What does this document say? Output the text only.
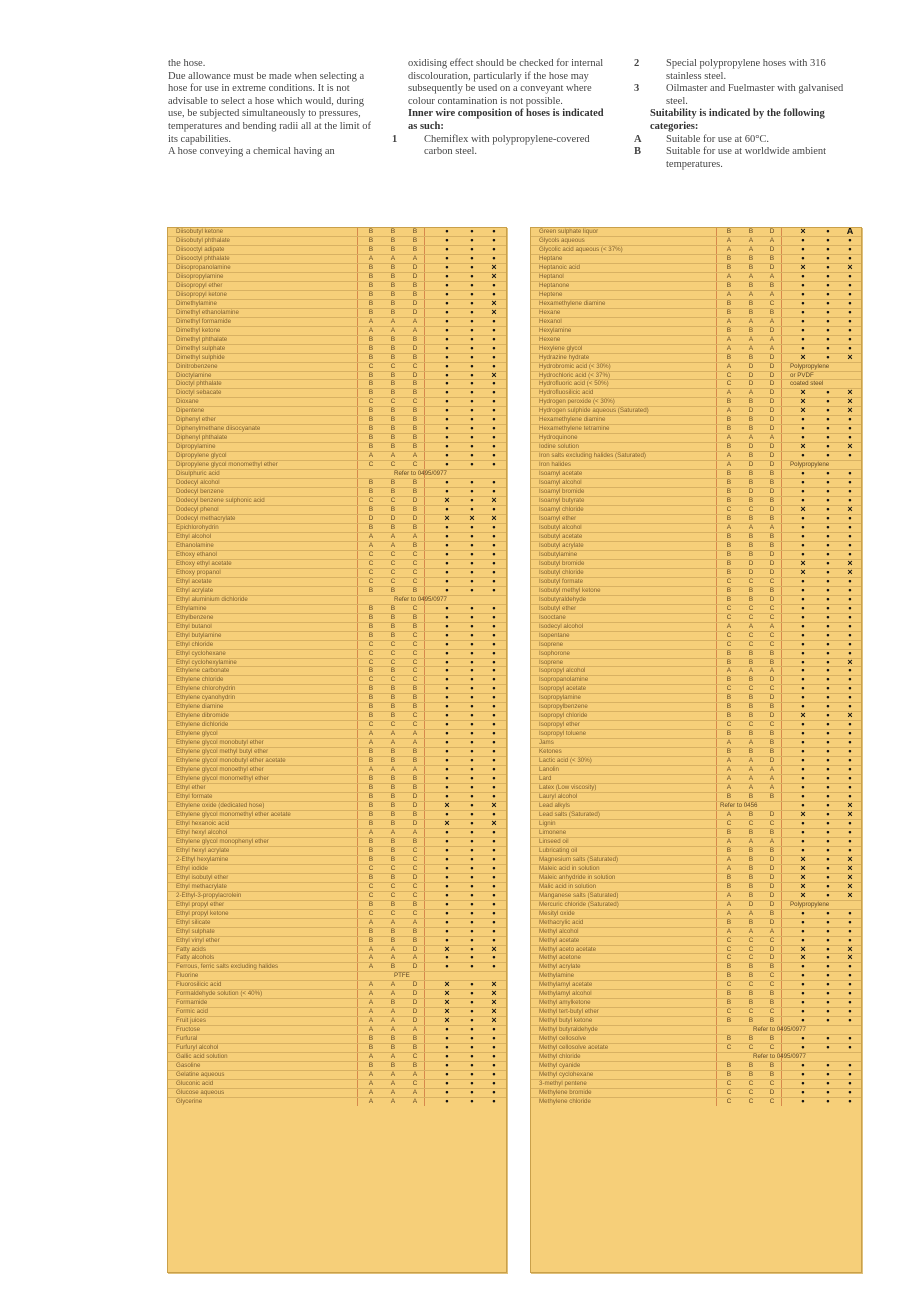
the hose.

Due allowance must be made when selecting a hose for use in extreme conditions. It is not advisable to select a hose which would, during use, be subjected simultaneously to pressures, temperatures and bending radii all at the limit of its capabilities.

A hose conveying a chemical having an

oxidising effect should be checked for internal discolouration, particularly if the hose may subsequently be used on a conveyant where colour contamination is not possible.

Inner wire composition of hoses is indicated as such:

1	Chemiflex with polypropylene-covered carbon steel.

2	Special polypropylene hoses with 316 stainless steel.

3	Oilmaster and Fuelmaster with galvanised steel.

Suitability is indicated by the following categories:

A Suitable for use at 60°C.

B Suitable for use at worldwide ambient temperatures.

Diisobutyl ketone	B	B	B	•	•	•
Diisobutyl phthalate	B	B	B	•	•	•
Diisooctyl adipate	B	B	B	•	•	•
Diisooctyl phthalate	A	A	A	•	•	•
Diisopropanolamine	B	B	D	•	•	×
Diisopropylamine	B	B	D	•	•	×
Diisopropyl ether	B	B	B	•	•	•
Diisopropyl ketone	B	B	B	•	•	•
Dimethylamine	B	B	D	•	•	×
Dimethyl ethanolamine	B	B	D	•	•	×
Dimethyl formamide	A	A	A	•	•	•
Dimethyl ketone	A	A	A	•	•	•
Dimethyl phthalate	B	B	B	•	•	•
Dimethyl sulphate	B	B	D	•	•	•
Dimethyl sulphide	B	B	B	•	•	•
Dinitrobenzene	C	C	C	•	•	•
Dioctylamine	B	B	D	•	•	×
Dioctyl phthalate	B	B	B	•	•	•
Dioctyl sebacate	B	B	B	•	•	•
Dioxane	C	C	C	•	•	•
Dipentene	B	B	B	•	•	•
Diphenyl ether	B	B	B	•	•	•
Diphenylmethane diisocyanate	B	B	B	•	•	•
Diphenyl phthalate	B	B	B	•	•	•
Dipropylamine	B	B	B	•	•	•
Dipropylene glycol	A	A	A	•	•	•
Dipropylene glycol monomethyl ether	C	C	C	•	•	•
Disulphuric acid	Refer to 0495/0977
Dodecyl alcohol	B	B	B	•	•	•
Dodecyl benzene	B	B	B	•	•	•
Dodecyl benzene sulphonic acid	C	C	D	×	•	×
Dodecyl phenol	B	B	B	•	•	•
Dodecyl methacrylate	D	D	D	×	×	×
Epichlorohydrin	B	B	B	•	•	•
Ethyl alcohol	A	A	A	•	•	•
Ethanolamine	A	A	B	•	•	•
Ethoxy ethanol	C	C	C	•	•	•
Ethoxy ethyl acetate	C	C	C	•	•	•
Ethoxy propanol	C	C	C	•	•	•
Ethyl acetate	C	C	C	•	•	•
Ethyl acrylate	B	B	B	•	•	•
Ethyl aluminium dichloride	Refer to 0495/0977
Ethylamine	B	B	C	•	•	•
Ethylbenzene	B	B	B	•	•	•
Ethyl butanol	B	B	B	•	•	•
Ethyl butylamine	B	B	C	•	•	•
Ethyl chloride	C	C	C	•	•	•
Ethyl cyclohexane	C	C	C	•	•	•
Ethyl cyclohexylamine	C	C	C	•	•	•
Ethylene carbonate	B	B	C	•	•	•
Ethylene chloride	C	C	C	•	•	•
Ethylene chlorohydrin	B	B	B	•	•	•
Ethylene cyanohydrin	B	B	B	•	•	•
Ethylene diamine	B	B	B	•	•	•
Ethylene dibromide	B	B	C	•	•	•
Ethylene dichloride	C	C	C	•	•	•
Ethylene glycol	A	A	A	•	•	•
Ethylene glycol monobutyl ether	A	A	A	•	•	•
Ethylene glycol methyl butyl ether	B	B	B	•	•	•
Ethylene glycol monobutyl ether acetate	B	B	B	•	•	•
Ethylene glycol monoethyl ether	A	A	A	•	•	•
Ethylene glycol monomethyl ether	B	B	B	•	•	•
Ethyl ether	B	B	B	•	•	•
Ethyl formate	B	B	D	•	•	•
Ethylene oxide (dedicated hose)	B	B	D	×	•	×
Ethylene glycol monomethyl ether acetate	B	B	B	•	•	•
Ethyl hexanoic acid	B	B	D	×	•	×
Ethyl hexyl alcohol	A	A	A	•	•	•
Ethylene glycol monophenyl ether	B	B	B	•	•	•
Ethyl hexyl acrylate	B	B	C	•	•	•
2-Ethyl hexylamine	B	B	C	•	•	•
Ethyl iodide	C	C	C	•	•	•
Ethyl isobutyl ether	B	B	D	•	•	•
Ethyl methacrylate	C	C	C	•	•	•
2-Ethyl-3-propylacrolein	C	C	C	•	•	•
Ethyl propyl ether	B	B	B	•	•	•
Ethyl propyl ketone	C	C	C	•	•	•
Ethyl silicate	A	A	A	•	•	•
Ethyl sulphate	B	B	B	•	•	•
Ethyl vinyl ether	B	B	B	•	•	•
Fatty acids	A	A	D	×	•	×
Fatty alcohols	A	A	A	•	•	•
Ferrous, ferric salts excluding halides	A	B	D	•	•	•
Fluorine	PTFE
Fluorosilicic acid	A	A	D	×	•	×
Formaldehyde solution (< 40%)	A	A	D	×	•	×
Formamide	A	B	D	×	•	×
Formic acid	A	A	D	×	•	×
Fruit juices	A	A	D	×	•	×
Fructose	A	A	A	•	•	•
Furfural	B	B	B	•	•	•
Furfuryl alcohol	B	B	B	•	•	•
Gallic acid solution	A	A	C	•	•	•
Gasoline	B	B	B	•	•	•
Gelatine aqueous	A	A	A	•	•	•
Gluconic acid	A	A	C	•	•	•
Glucose aqueous	A	A	A	•	•	•
Glycerine	A	A	A	•	•	•
Green sulphate liquor	B	B	D	×	•	A
Glycols aqueous	A	A	A	•	•	•
Glycolic acid aqueous (< 37%)	A	A	D	•	•	•
Heptane	B	B	B	•	•	•
Heptanoic acid	B	B	D	×	•	×
Heptanol	A	A	A	•	•	•
Heptanone	B	B	B	•	•	•
Heptene	A	A	A	•	•	•
Hexamethylene diamine	B	B	C	•	•	•
Hexane	B	B	B	•	•	•
Hexanol	A	A	A	•	•	•
Hexylamine	B	B	D	•	•	•
Hexene	A	A	A	•	•	•
Hexylene glycol	A	A	A	•	•	•
Hydrazine hydrate	B	B	D	×	•	×
Hydrobromic acid (< 30%)	A	D	D	Polypropylene
Hydrochloric acid (< 37%)	C	D	D	or PVDF
Hydrofluoric acid (< 50%)	C	D	D	coated steel
Hydrofluosilicic acid	A	A	D	×	•	×
Hydrogen peroxide (< 30%)	B	B	D	×	•	×
Hydrogen sulphide aqueous (Saturated)	A	D	D	×	•	×
Hexamethylene diamine	B	B	D	•	•	•
Hexamethylene tetramine	B	B	D	•	•	•
Hydroquinone	A	A	A	•	•	•
Iodine solution	B	D	D	×	•	×
Iron salts excluding halides (Saturated)	A	B	D	•	•	•
Iron halides	A	D	D	Polypropylene
Isoamyl acetate	B	B	B	•	•	•
Isoamyl alcohol	B	B	B	•	•	•
Isoamyl bromide	B	D	D	•	•	•
Isoamyl butyrate	B	B	B	•	•	•
Isoamyl chloride	C	C	D	×	•	×
Isoamyl ether	B	B	B	•	•	•
Isobutyl alcohol	A	A	A	•	•	•
Isobutyl acetate	B	B	B	•	•	•
Isobutyl acrylate	B	B	B	•	•	•
Isobutylamine	B	B	D	•	•	•
Isobutyl bromide	B	D	D	×	•	×
Isobutyl chloride	B	D	D	×	•	×
Isobutyl formate	C	C	C	•	•	•
Isobutyl methyl ketone	B	B	B	•	•	•
Isobutyraldehyde	B	B	D	•	•	•
Isobutyl ether	C	C	C	•	•	•
Isooctane	C	C	C	•	•	•
Isodecyl alcohol	A	A	A	•	•	•
Isopentane	C	C	C	•	•	•
Isoprene	C	C	C	•	•	•
Isophorone	B	B	B	•	•	•
Isoprene	B	B	B	•	•	×
Isopropyl alcohol	A	A	A	•	•	•
Isopropanolamine	B	B	D	•	•	•
Isopropyl acetate	C	C	C	•	•	•
Isopropylamine	B	B	D	•	•	•
Isopropylbenzene	B	B	B	•	•	•
Isopropyl chloride	B	B	D	×	•	×
Isopropyl ether	C	C	C	•	•	•
Isopropyl toluene	B	B	B	•	•	•
Jams	A	A	B	•	•	•
Ketones	B	B	B	•	•	•
Lactic acid (< 30%)	A	A	D	•	•	•
Lanolin	A	A	A	•	•	•
Lard	A	A	A	•	•	•
Latex (Low viscosity)	A	A	A	•	•	•
Lauryl alcohol	B	B	B	•	•	•
Lead alkyls	Refer to 0456	•	•	×
Lead salts (Saturated)	A	B	D	×	•	×
Lignin	C	C	C	•	•	•
Limonene	B	B	B	•	•	•
Linseed oil	A	A	A	•	•	•
Lubricating oil	B	B	B	•	•	•
Magnesium salts (Saturated)	A	B	D	×	•	×
Maleic acid in solution	A	B	D	×	•	×
Maleic anhydride in solution	B	B	D	×	•	×
Malic acid in solution	B	B	D	×	•	×
Manganese salts (Saturated)	A	B	D	×	•	×
Mercuric chloride (Saturated)	A	D	D	Polypropylene
Mesityl oxide	A	A	B	•	•	•
Methacrylic acid	B	B	D	•	•	•
Methyl alcohol	A	A	A	•	•	•
Methyl acetate	C	C	C	•	•	•
Methyl aceto acetate	C	C	D	×	•	×
Methyl acetone	C	C	D	×	•	×
Methyl acrylate	B	B	B	•	•	•
Methylamine	B	B	C	•	•	•
Methylamyl acetate	C	C	C	•	•	•
Methylamyl alcohol	B	B	B	•	•	•
Methyl amylketone	B	B	B	•	•	•
Methyl tert-butyl ether	C	C	C	•	•	•
Methyl butyl ketone	B	B	B	•	•	•
Methyl butyraldehyde	Refer to 0495/0977
Methyl cellosolve	B	B	B	•	•	•
Methyl cellosolve acetate	C	C	C	•	•	•
Methyl chloride	Refer to 0495/0977
Methyl cyanide	B	B	B	•	•	•
Methyl cyclohexane	B	B	B	•	•	•
3-methyl pentene	C	C	C	•	•	•
Methylene bromide	C	C	D	•	•	•
Methylene chloride	C	C	C	•	•	•
